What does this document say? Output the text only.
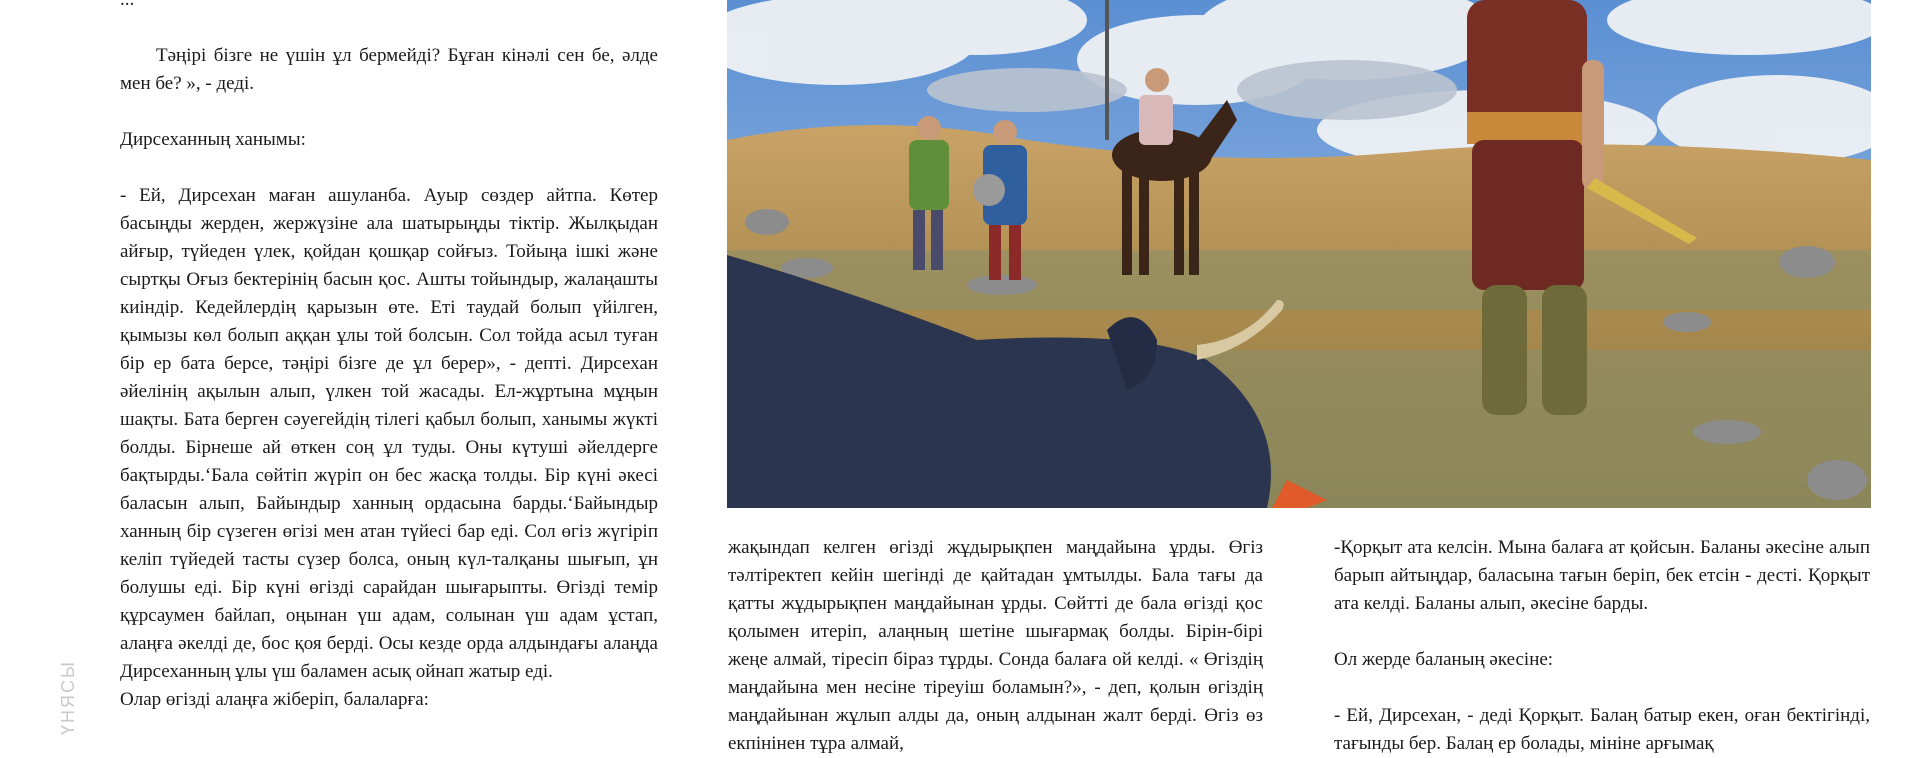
ҮНЯСЫ

Тәңірі бізге не үшін ұл бермейді? Бұған кінәлі сен бе, әлде мен бе? », - деді.

Дирсеханның ханымы:

- Ей, Дирсехан маған ашуланба. Ауыр сөздер айтпа. Көтер басыңды жерден, жержүзіне ала шатырыңды тіктір. Жылқыдан айғыр, түйеден үлек, қойдан қошқар сойғыз. Тойыңа ішкі және сыртқы Оғыз бектерінің басын қос. Ашты тойындыр, жалаңашты киіндір. Кедейлердің қарызын өте. Еті таудай болып үйілген, қымызы көл болып аққан ұлы той болсын. Сол тойда асыл туған бір ер бата берсе, тәңірі бізге де ұл берер», - депті. Дирсехан әйелінің ақылын алып, үлкен той жасады. Ел-жұртына мұңын шақты. Бата берген сәуегейдің тілегі қабыл болып, ханымы жүкті болды. Бірнеше ай өткен соң ұл туды. Оны күтуші әйелдерге бақтырды.‘Бала сөйтіп жүріп он бес жасқа толды. Бір күні әкесі баласын алып, Байындыр ханның ордасына барды.‘Байындыр ханның бір сүзеген өгізі мен атан түйесі бар еді. Сол өгіз жүгіріп келіп түйедей тасты сүзер болса, оның күл-талқаны шығып, ұн болушы еді. Бір күні өгізді сарайдан шығарыпты. Өгізді темір құрсаумен байлап, оңынан үш адам, солынан үш адам ұстап, алаңға әкелді де, бос қоя берді. Осы кезде орда алдындағы алаңда Дирсеханның ұлы үш баламен асық ойнап жатыр еді.

Олар өгізді алаңға жіберіп, балаларға:

жақындап келген өгізді жұдырықпен маңдайына ұрды. Өгіз тәлтіректеп кейін шегінді де қайтадан ұмтылды. Бала тағы да қатты жұдырықпен маңдайынан ұрды. Сөйтті де бала өгізді қос қолымен итеріп, алаңның шетіне шығармақ болды. Бірін-бірі жеңе алмай, тіресіп біраз тұрды. Сонда балаға ой келді. « Өгіздің маңдайына мен несіне тіреуіш боламын?», - деп, қолын өгіздің маңдайынан жұлып алды да, оның алдынан жалт берді. Өгіз өз екпінінен тұра алмай,

-Қорқыт ата келсін. Мына балаға ат қойсын. Баланы әкесіне алып барып айтыңдар, баласына тағын беріп, бек етсін - десті. Қорқыт ата келді. Баланы алып, әкесіне барды.

Ол жерде баланың әкесіне:

- Ей, Дирсехан, - деді Қорқыт. Балаң батыр екен, оған бектігінді, тағынды бер. Балаң ер болады, мініне арғымақ
